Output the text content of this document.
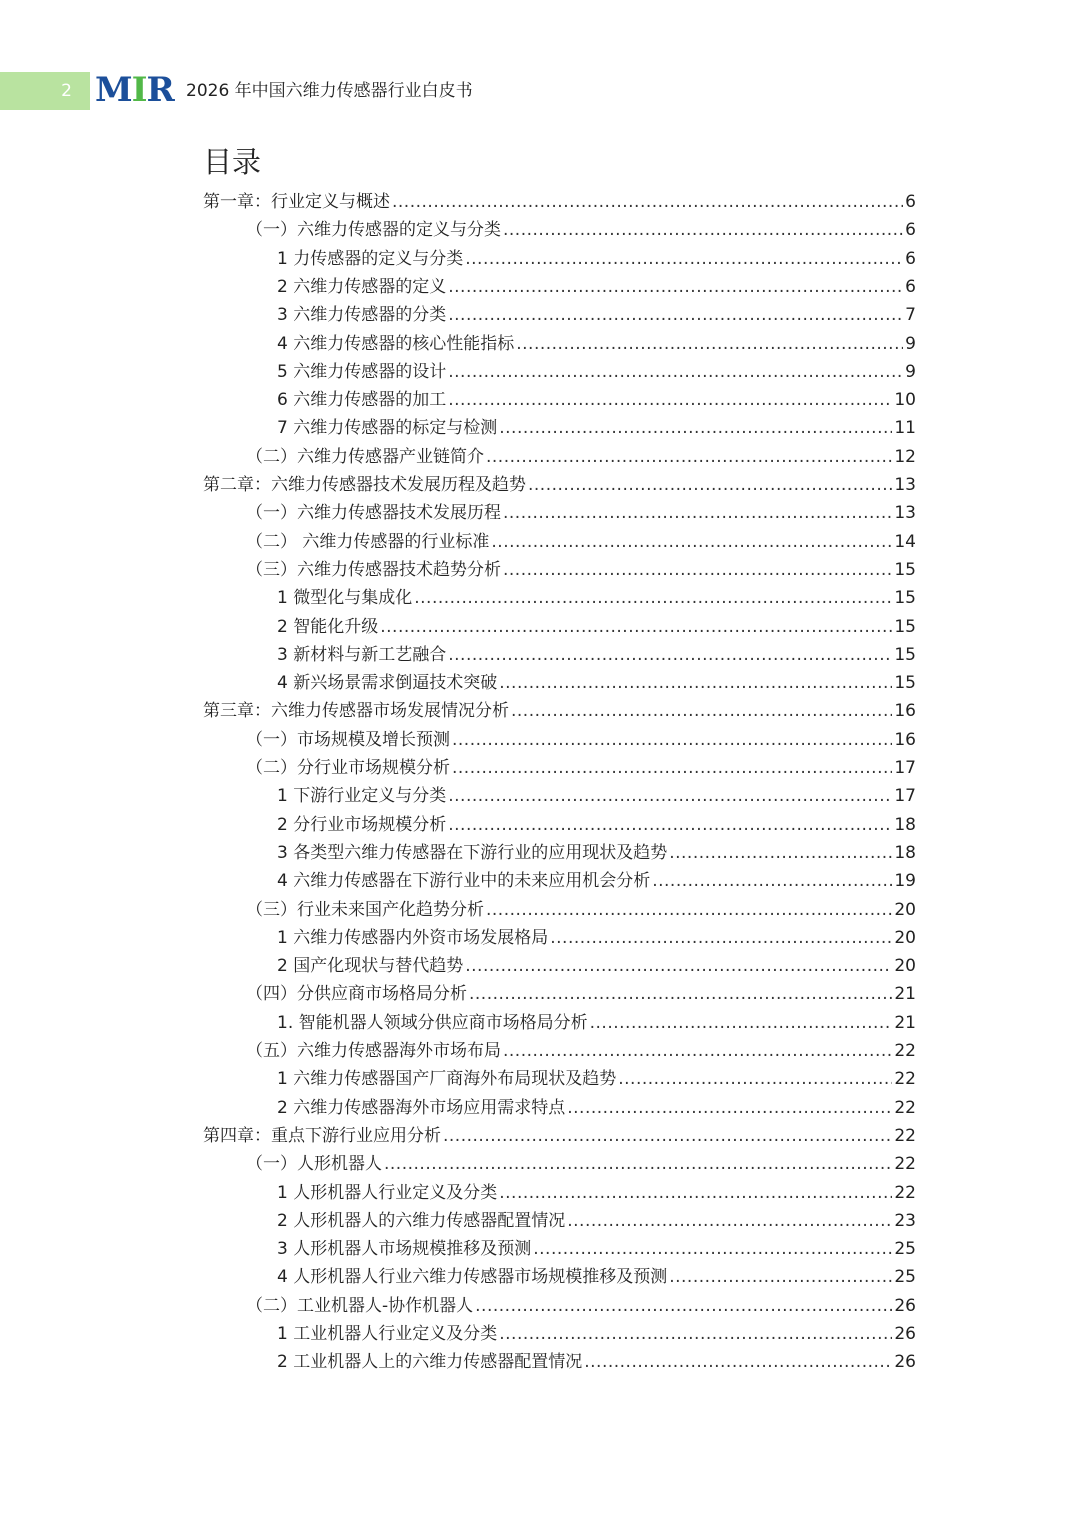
2 MIR 2026 年中国六维力传感器行业白皮书
目录
第一章：行业定义与概述 .....	6
（一）六维力传感器的定义与分类 .....	6
1 力传感器的定义与分类 .....	6
2 六维力传感器的定义 .....	6
3 六维力传感器的分类 .....	7
4 六维力传感器的核心性能指标 .....	9
5 六维力传感器的设计 .....	9
6 六维力传感器的加工 .....	10
7 六维力传感器的标定与检测 .....	11
（二）六维力传感器产业链简介 .....	12
第二章：六维力传感器技术发展历程及趋势 .....	13
（一）六维力传感器技术发展历程 .....	13
（二） 六维力传感器的行业标准 .....	14
（三）六维力传感器技术趋势分析 .....	15
1 微型化与集成化 .....	15
2 智能化升级 .....	15
3 新材料与新工艺融合 .....	15
4 新兴场景需求倒逼技术突破 .....	15
第三章：六维力传感器市场发展情况分析 .....	16
（一）市场规模及增长预测 .....	16
（二）分行业市场规模分析 .....	17
1 下游行业定义与分类 .....	17
2 分行业市场规模分析 .....	18
3 各类型六维力传感器在下游行业的应用现状及趋势 .....	18
4 六维力传感器在下游行业中的未来应用机会分析 .....	19
（三）行业未来国产化趋势分析 .....	20
1 六维力传感器内外资市场发展格局 .....	20
2 国产化现状与替代趋势 .....	20
（四）分供应商市场格局分析 .....	21
1. 智能机器人领域分供应商市场格局分析 .....	21
（五）六维力传感器海外市场布局 .....	22
1 六维力传感器国产厂商海外布局现状及趋势 .....	22
2 六维力传感器海外市场应用需求特点 .....	22
第四章：重点下游行业应用分析 .....	22
（一）人形机器人 .....	22
1 人形机器人行业定义及分类 .....	22
2 人形机器人的六维力传感器配置情况 .....	23
3 人形机器人市场规模推移及预测 .....	25
4 人形机器人行业六维力传感器市场规模推移及预测 .....	25
（二）工业机器人-协作机器人 .....	26
1 工业机器人行业定义及分类 .....	26
2 工业机器人上的六维力传感器配置情况 .....	26
